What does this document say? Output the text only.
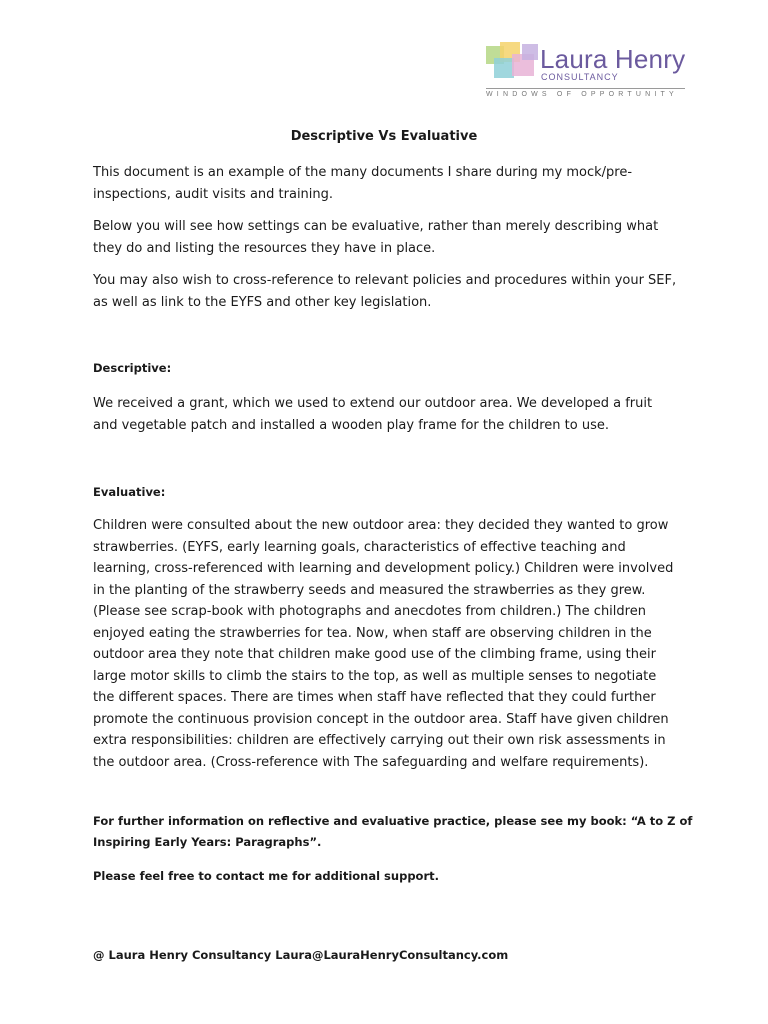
Laura Henry
CONSULTANCY
WINDOWS OF OPPORTUNITY
Descriptive Vs Evaluative

This document is an example of the many documents I share during my mock/pre-inspections, audit visits and training.

Below you will see how settings can be evaluative, rather than merely describing what they do and listing the resources they have in place.

You may also wish to cross-reference to relevant policies and procedures within your SEF, as well as link to the EYFS and other key legislation.

Descriptive:

We received a grant, which we used to extend our outdoor area. We developed a fruit and vegetable patch and installed a wooden play frame for the children to use.

Evaluative:

Children were consulted about the new outdoor area: they decided they wanted to grow strawberries. (EYFS, early learning goals, characteristics of effective teaching and learning, cross-referenced with learning and development policy.) Children were involved in the planting of the strawberry seeds and measured the strawberries as they grew. (Please see scrap-book with photographs and anecdotes from children.) The children enjoyed eating the strawberries for tea. Now, when staff are observing children in the outdoor area they note that children make good use of the climbing frame, using their large motor skills to climb the stairs to the top, as well as multiple senses to negotiate the different spaces. There are times when staff have reflected that they could further promote the continuous provision concept in the outdoor area. Staff have given children extra responsibilities: children are effectively carrying out their own risk assessments in the outdoor area. (Cross-reference with The safeguarding and welfare requirements).

For further information on reflective and evaluative practice, please see my book: “A to Z of Inspiring Early Years: Paragraphs”.

Please feel free to contact me for additional support.

@ Laura Henry Consultancy Laura@LauraHenryConsultancy.com
